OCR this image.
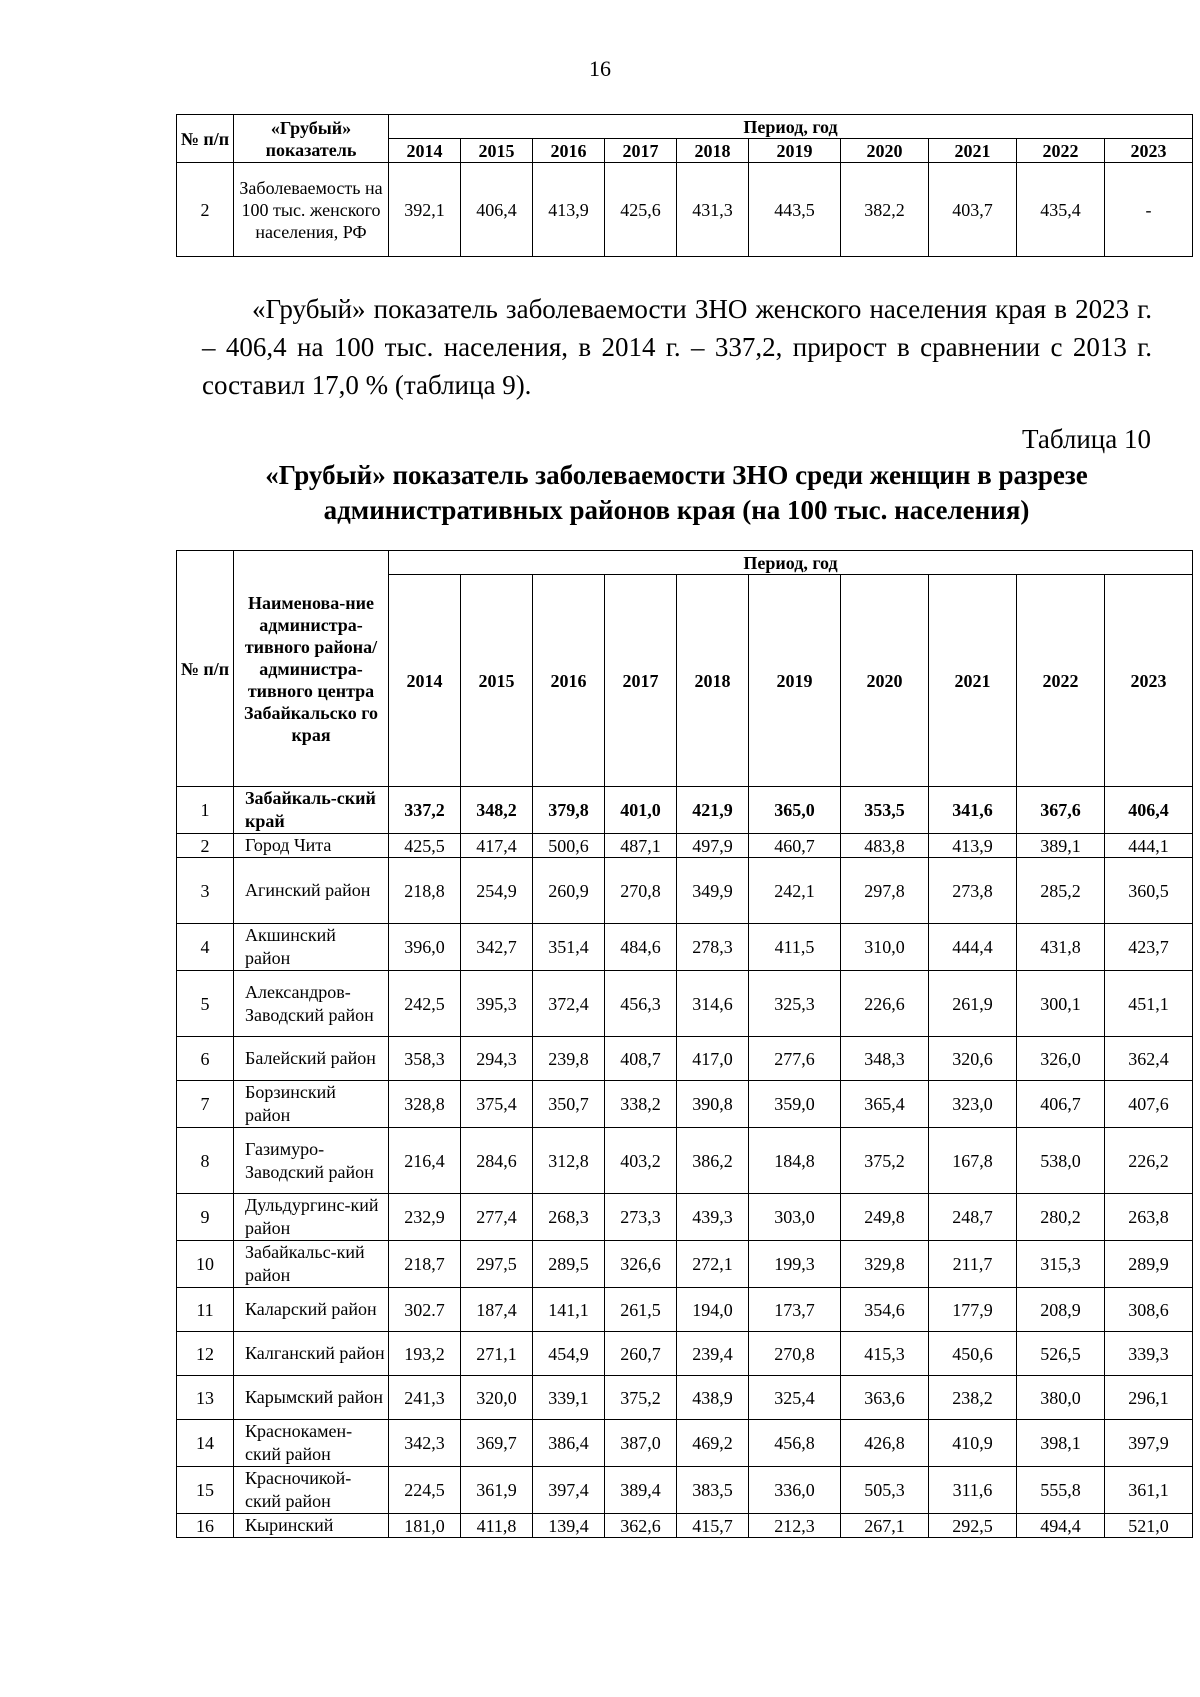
16
№ п/п	«Грубый» показатель	Период, год									
		2014	2015	2016	2017	2018	2019	2020	2021	2022	2023
2	Заболеваемость на 100 тыс. женского населения, РФ	392,1	406,4	413,9	425,6	431,3	443,5	382,2	403,7	435,4	-
«Грубый» показатель заболеваемости ЗНО женского населения края в 2023 г. – 406,4 на 100 тыс. населения, в 2014 г. – 337,2, прирост в сравнении с 2013 г. составил 17,0 % (таблица 9).
Таблица 10
«Грубый» показатель заболеваемости ЗНО среди женщин в разрезе административных районов края (на 100 тыс. населения)
№ п/п	Наименова-ние администра-тивного района/ администра-тивного центра Забайкальско го края	Период, год									
		2014	2015	2016	2017	2018	2019	2020	2021	2022	2023
1	Забайкаль-ский край	337,2	348,2	379,8	401,0	421,9	365,0	353,5	341,6	367,6	406,4
2	Город Чита	425,5	417,4	500,6	487,1	497,9	460,7	483,8	413,9	389,1	444,1
3	Агинский район	218,8	254,9	260,9	270,8	349,9	242,1	297,8	273,8	285,2	360,5
4	Акшинский район	396,0	342,7	351,4	484,6	278,3	411,5	310,0	444,4	431,8	423,7
5	Александров-Заводский район	242,5	395,3	372,4	456,3	314,6	325,3	226,6	261,9	300,1	451,1
6	Балейский район	358,3	294,3	239,8	408,7	417,0	277,6	348,3	320,6	326,0	362,4
7	Борзинский район	328,8	375,4	350,7	338,2	390,8	359,0	365,4	323,0	406,7	407,6
8	Газимуро-Заводский район	216,4	284,6	312,8	403,2	386,2	184,8	375,2	167,8	538,0	226,2
9	Дульдургинс-кий район	232,9	277,4	268,3	273,3	439,3	303,0	249,8	248,7	280,2	263,8
10	Забайкальс-кий район	218,7	297,5	289,5	326,6	272,1	199,3	329,8	211,7	315,3	289,9
11	Каларский район	302.7	187,4	141,1	261,5	194,0	173,7	354,6	177,9	208,9	308,6
12	Калганский район	193,2	271,1	454,9	260,7	239,4	270,8	415,3	450,6	526,5	339,3
13	Карымский район	241,3	320,0	339,1	375,2	438,9	325,4	363,6	238,2	380,0	296,1
14	Краснокамен-ский район	342,3	369,7	386,4	387,0	469,2	456,8	426,8	410,9	398,1	397,9
15	Красночикой-ский район	224,5	361,9	397,4	389,4	383,5	336,0	505,3	311,6	555,8	361,1
16	Кыринский	181,0	411,8	139,4	362,6	415,7	212,3	267,1	292,5	494,4	521,0
